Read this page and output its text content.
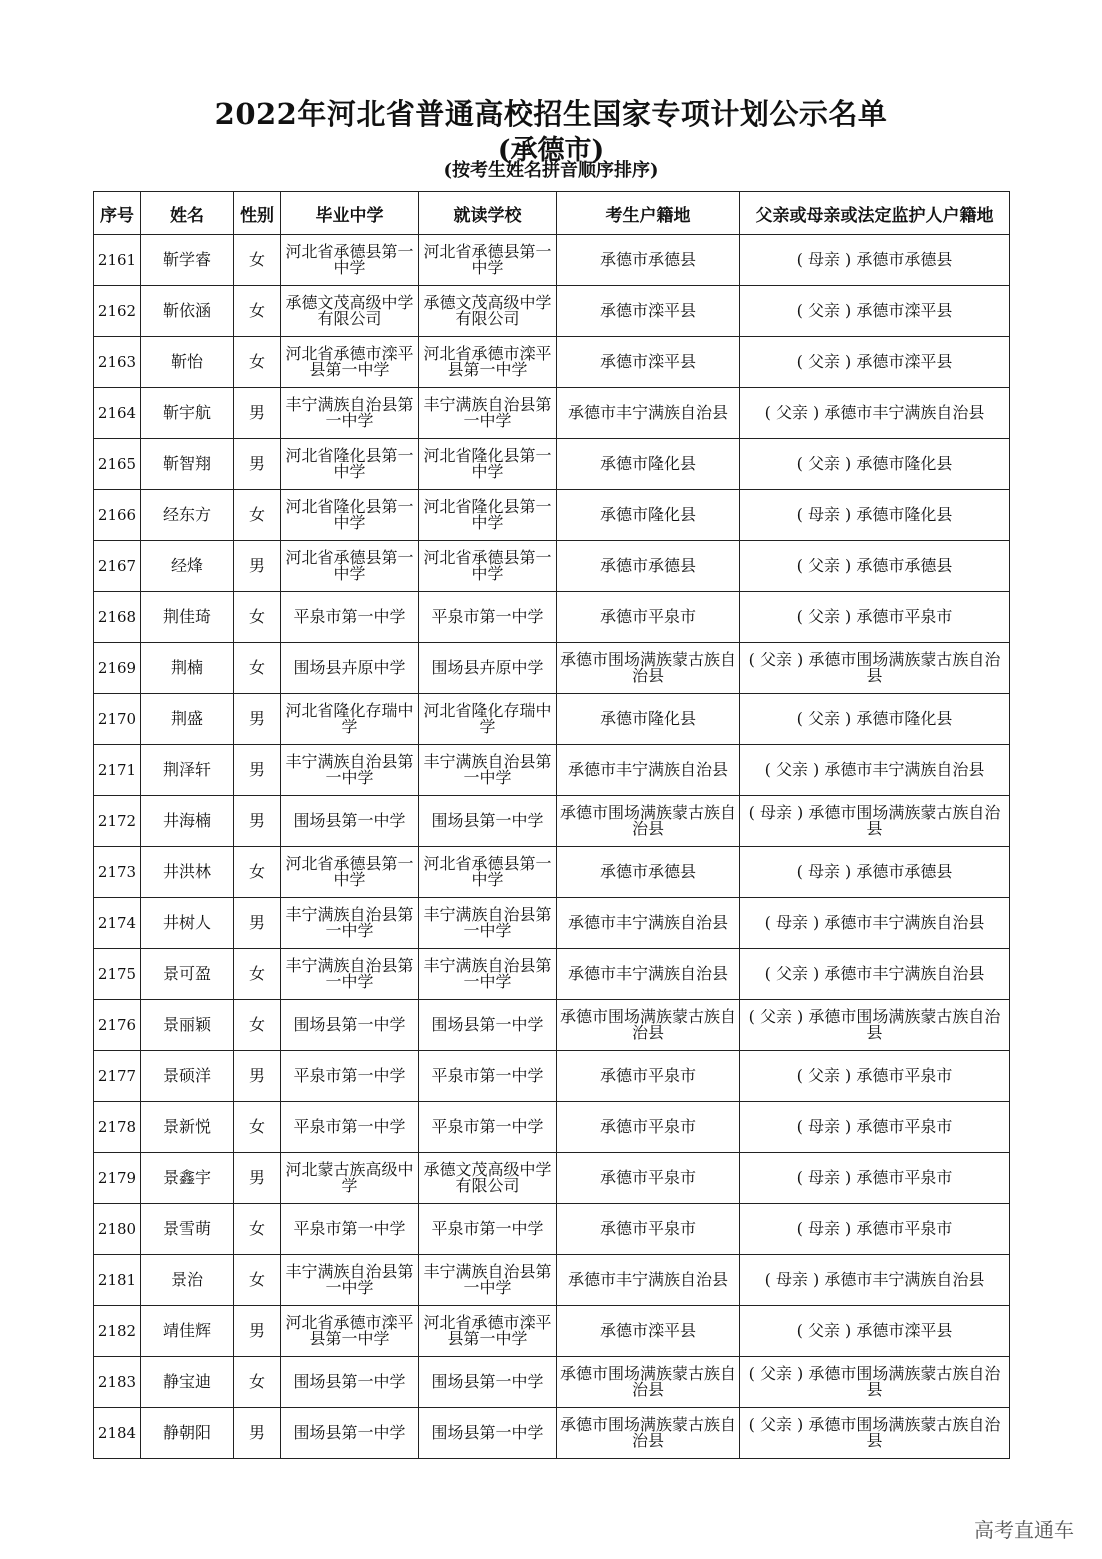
2022年河北省普通高校招生国家专项计划公示名单
(承德市)
(按考生姓名拼音顺序排序)
序号	姓名	性别	毕业中学	就读学校	考生户籍地	父亲或母亲或法定监护人户籍地
2161	靳学睿	女	河北省承德县第一中学	河北省承德县第一中学	承德市承德县	( 母亲 ) 承德市承德县
2162	靳依涵	女	承德文茂高级中学有限公司	承德文茂高级中学有限公司	承德市滦平县	( 父亲 ) 承德市滦平县
2163	靳怡	女	河北省承德市滦平县第一中学	河北省承德市滦平县第一中学	承德市滦平县	( 父亲 ) 承德市滦平县
2164	靳宇航	男	丰宁满族自治县第一中学	丰宁满族自治县第一中学	承德市丰宁满族自治县	( 父亲 ) 承德市丰宁满族自治县
2165	靳智翔	男	河北省隆化县第一中学	河北省隆化县第一中学	承德市隆化县	( 父亲 ) 承德市隆化县
2166	经东方	女	河北省隆化县第一中学	河北省隆化县第一中学	承德市隆化县	( 母亲 ) 承德市隆化县
2167	经烽	男	河北省承德县第一中学	河北省承德县第一中学	承德市承德县	( 父亲 ) 承德市承德县
2168	荆佳琦	女	平泉市第一中学	平泉市第一中学	承德市平泉市	( 父亲 ) 承德市平泉市
2169	荆楠	女	围场县卉原中学	围场县卉原中学	承德市围场满族蒙古族自治县	( 父亲 ) 承德市围场满族蒙古族自治县
2170	荆盛	男	河北省隆化存瑞中学	河北省隆化存瑞中学	承德市隆化县	( 父亲 ) 承德市隆化县
2171	荆泽轩	男	丰宁满族自治县第一中学	丰宁满族自治县第一中学	承德市丰宁满族自治县	( 父亲 ) 承德市丰宁满族自治县
2172	井海楠	男	围场县第一中学	围场县第一中学	承德市围场满族蒙古族自治县	( 母亲 ) 承德市围场满族蒙古族自治县
2173	井洪林	女	河北省承德县第一中学	河北省承德县第一中学	承德市承德县	( 母亲 ) 承德市承德县
2174	井树人	男	丰宁满族自治县第一中学	丰宁满族自治县第一中学	承德市丰宁满族自治县	( 母亲 ) 承德市丰宁满族自治县
2175	景可盈	女	丰宁满族自治县第一中学	丰宁满族自治县第一中学	承德市丰宁满族自治县	( 父亲 ) 承德市丰宁满族自治县
2176	景丽颖	女	围场县第一中学	围场县第一中学	承德市围场满族蒙古族自治县	( 父亲 ) 承德市围场满族蒙古族自治县
2177	景硕洋	男	平泉市第一中学	平泉市第一中学	承德市平泉市	( 父亲 ) 承德市平泉市
2178	景新悦	女	平泉市第一中学	平泉市第一中学	承德市平泉市	( 母亲 ) 承德市平泉市
2179	景鑫宇	男	河北蒙古族高级中学	承德文茂高级中学有限公司	承德市平泉市	( 母亲 ) 承德市平泉市
2180	景雪萌	女	平泉市第一中学	平泉市第一中学	承德市平泉市	( 母亲 ) 承德市平泉市
2181	景治	女	丰宁满族自治县第一中学	丰宁满族自治县第一中学	承德市丰宁满族自治县	( 母亲 ) 承德市丰宁满族自治县
2182	靖佳辉	男	河北省承德市滦平县第一中学	河北省承德市滦平县第一中学	承德市滦平县	( 父亲 ) 承德市滦平县
2183	静宝迪	女	围场县第一中学	围场县第一中学	承德市围场满族蒙古族自治县	( 父亲 ) 承德市围场满族蒙古族自治县
2184	静朝阳	男	围场县第一中学	围场县第一中学	承德市围场满族蒙古族自治县	( 父亲 ) 承德市围场满族蒙古族自治县
高考直通车
